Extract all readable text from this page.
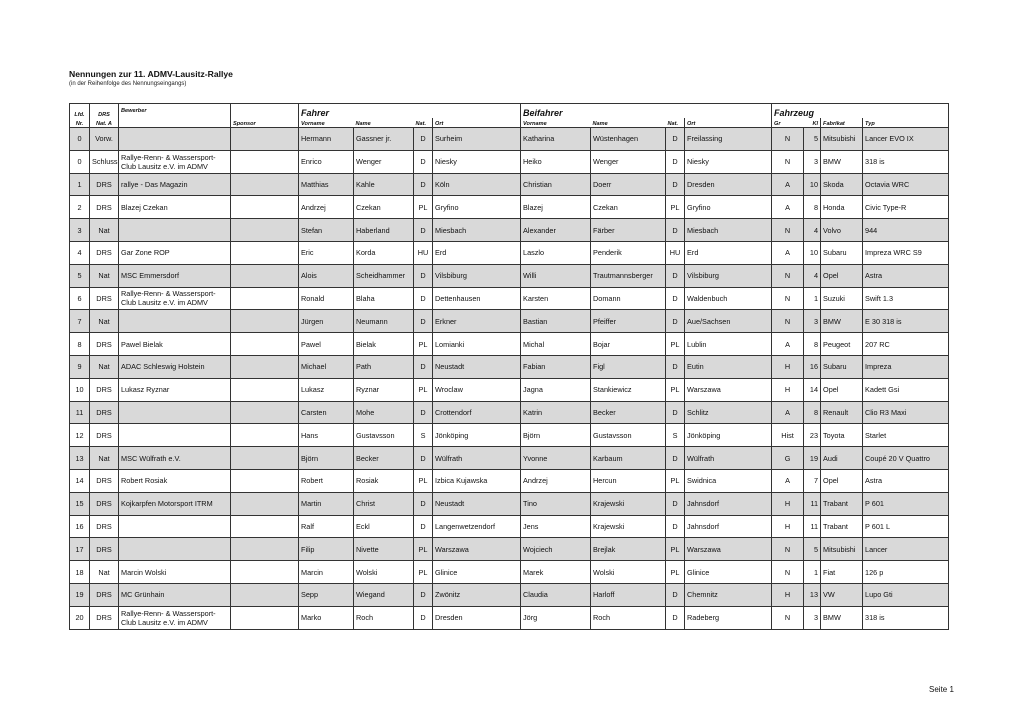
Nennungen zur 11. ADMV-Lausitz-Rallye
(in der Reihenfolge des Nennungseingangs)
Lfd.	DRS	Bewerber	Sponsor	Fahrer				Beifahrer				Fahrzeug			
Nr.	Nat. A			Vorname	Name	Nat.	Ort	Vorname	Name	Nat.	Ort	Gr	Kl	Fabrikat	Typ
0	Vorw.			Hermann	Gassner jr.	D	Surheim	Katharina	Wüstenhagen	D	Freilassing	N	5	Mitsubishi	Lancer EVO IX
0	Schluss	Rallye-Renn- & Wassersport-Club Lausitz e.V. im ADMV		Enrico	Wenger	D	Niesky	Heiko	Wenger	D	Niesky	N	3	BMW	318 is
1	DRS	rallye - Das Magazin		Matthias	Kahle	D	Köln	Christian	Doerr	D	Dresden	A	10	Skoda	Octavia WRC
2	DRS	Blazej Czekan		Andrzej	Czekan	PL	Gryfino	Blazej	Czekan	PL	Gryfino	A	8	Honda	Civic Type-R
3	Nat			Stefan	Haberland	D	Miesbach	Alexander	Färber	D	Miesbach	N	4	Volvo	944
4	DRS	Gar Zone ROP		Eric	Korda	HU	Erd	Laszlo	Penderik	HU	Erd	A	10	Subaru	Impreza WRC S9
5	Nat	MSC Emmersdorf		Alois	Scheidhammer	D	Vilsbiburg	Willi	Trautmannsberger	D	Vilsbiburg	N	4	Opel	Astra
6	DRS	Rallye-Renn- & Wassersport-Club Lausitz e.V. im ADMV		Ronald	Blaha	D	Dettenhausen	Karsten	Domann	D	Waldenbuch	N	1	Suzuki	Swift 1.3
7	Nat			Jürgen	Neumann	D	Erkner	Bastian	Pfeiffer	D	Aue/Sachsen	N	3	BMW	E 30 318 is
8	DRS	Pawel Bielak		Pawel	Bielak	PL	Lomianki	Michal	Bojar	PL	Lublin	A	8	Peugeot	207 RC
9	Nat	ADAC Schleswig Holstein		Michael	Path	D	Neustadt	Fabian	Figl	D	Eutin	H	16	Subaru	Impreza
10	DRS	Lukasz Ryznar		Lukasz	Ryznar	PL	Wroclaw	Jagna	Stankiewicz	PL	Warszawa	H	14	Opel	Kadett Gsi
11	DRS			Carsten	Mohe	D	Crottendorf	Katrin	Becker	D	Schlitz	A	8	Renault	Clio R3 Maxi
12	DRS			Hans	Gustavsson	S	Jönköping	Björn	Gustavsson	S	Jönköping	Hist	23	Toyota	Starlet
13	Nat	MSC Wülfrath e.V.		Björn	Becker	D	Wülfrath	Yvonne	Karbaum	D	Wülfrath	G	19	Audi	Coupé 20 V Quattro
14	DRS	Robert Rosiak		Robert	Rosiak	PL	Izbica Kujawska	Andrzej	Hercun	PL	Swidnica	A	7	Opel	Astra
15	DRS	Kojkarpfen Motorsport ITRM		Martin	Christ	D	Neustadt	Tino	Krajewski	D	Jahnsdorf	H	11	Trabant	P 601
16	DRS			Ralf	Eckl	D	Langenwetzendorf	Jens	Krajewski	D	Jahnsdorf	H	11	Trabant	P 601 L
17	DRS			Filip	Nivette	PL	Warszawa	Wojciech	Brejlak	PL	Warszawa	N	5	Mitsubishi	Lancer
18	Nat	Marcin Wolski		Marcin	Wolski	PL	Glinice	Marek	Wolski	PL	Glinice	N	1	Fiat	126 p
19	DRS	MC Grünhain		Sepp	Wiegand	D	Zwönitz	Claudia	Harloff	D	Chemnitz	H	13	VW	Lupo Gti
20	DRS	Rallye-Renn- & Wassersport-Club Lausitz e.V. im ADMV		Marko	Roch	D	Dresden	Jörg	Roch	D	Radeberg	N	3	BMW	318 is
Seite 1
